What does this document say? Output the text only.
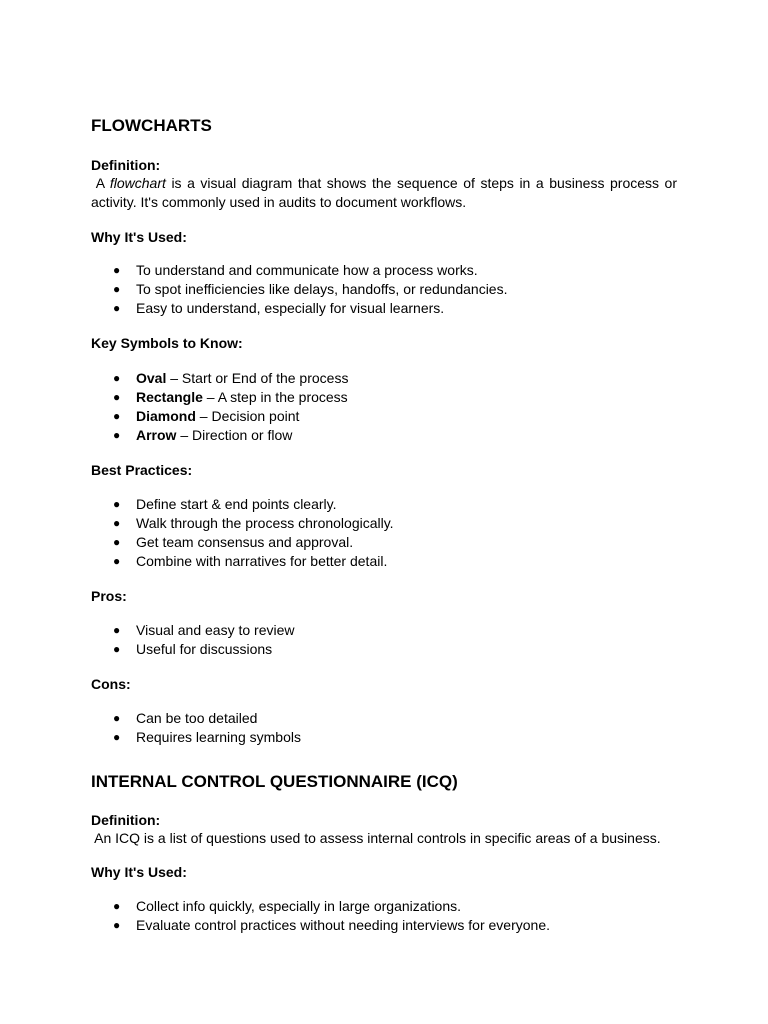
FLOWCHARTS

Definition:

A flowchart is a visual diagram that shows the sequence of steps in a business process or activity. It's commonly used in audits to document workflows.

Why It's Used:

● To understand and communicate how a process works.
● To spot inefficiencies like delays, handoffs, or redundancies.
● Easy to understand, especially for visual learners.

Key Symbols to Know:

● Oval – Start or End of the process
● Rectangle – A step in the process
● Diamond – Decision point
● Arrow – Direction or flow

Best Practices:

● Define start & end points clearly.
● Walk through the process chronologically.
● Get team consensus and approval.
● Combine with narratives for better detail.

Pros:

● Visual and easy to review
● Useful for discussions

Cons:

● Can be too detailed
● Requires learning symbols
INTERNAL CONTROL QUESTIONNAIRE (ICQ)

Definition:

An ICQ is a list of questions used to assess internal controls in specific areas of a business.

Why It's Used:

● Collect info quickly, especially in large organizations.
● Evaluate control practices without needing interviews for everyone.
